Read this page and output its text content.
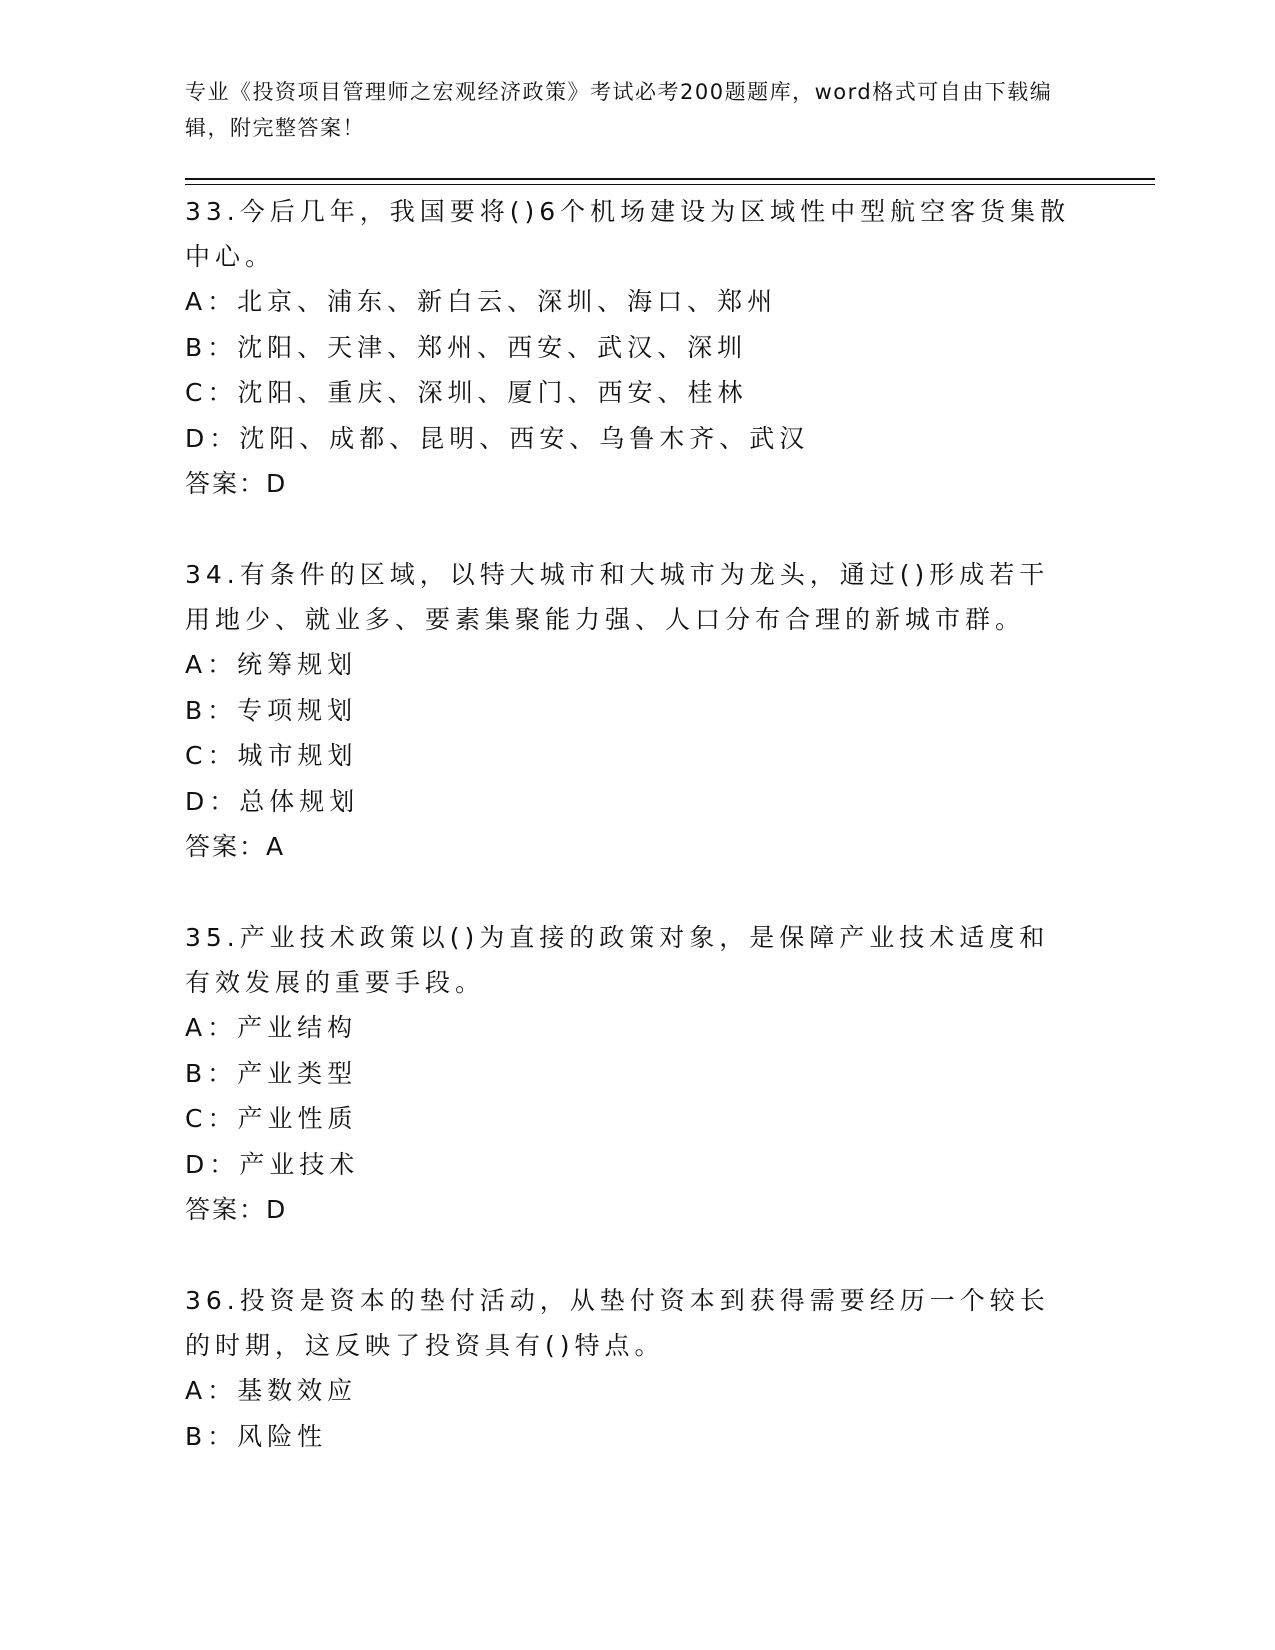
专业《投资项目管理师之宏观经济政策》考试必考200题题库，word格式可自由下载编辑，附完整答案！
33.今后几年，我国要将()6个机场建设为区域性中型航空客货集散中心。
A：北京、浦东、新白云、深圳、海口、郑州
B：沈阳、天津、郑州、西安、武汉、深圳
C：沈阳、重庆、深圳、厦门、西安、桂林
D：沈阳、成都、昆明、西安、乌鲁木齐、武汉
答案：D
34.有条件的区域，以特大城市和大城市为龙头，通过()形成若干用地少、就业多、要素集聚能力强、人口分布合理的新城市群。
A：统筹规划
B：专项规划
C：城市规划
D：总体规划
答案：A
35.产业技术政策以()为直接的政策对象，是保障产业技术适度和有效发展的重要手段。
A：产业结构
B：产业类型
C：产业性质
D：产业技术
答案：D
36.投资是资本的垫付活动，从垫付资本到获得需要经历一个较长的时期，这反映了投资具有()特点。
A：基数效应
B：风险性
